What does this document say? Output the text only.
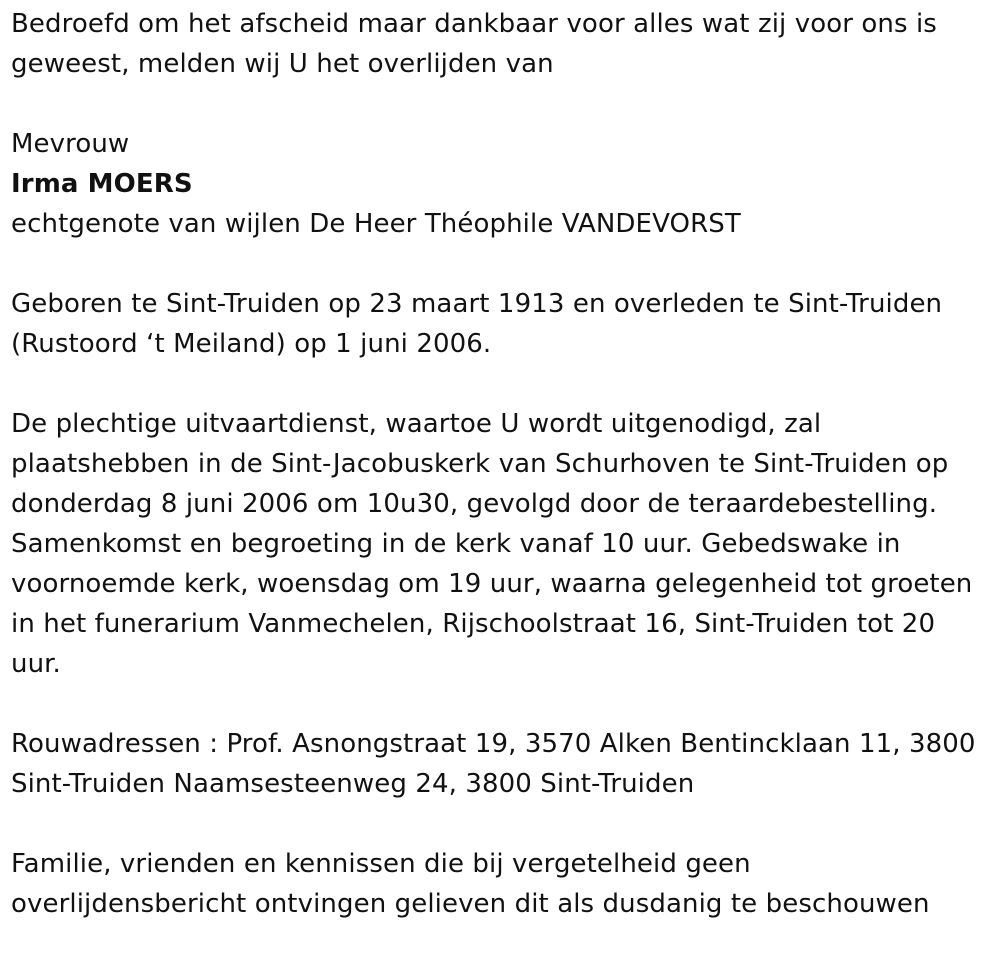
Bedroefd om het afscheid maar dankbaar voor alles wat zij voor ons is
geweest, melden wij U het overlijden van

Mevrouw
Irma MOERS
echtgenote van wijlen De Heer Théophile VANDEVORST

Geboren te Sint-Truiden op 23 maart 1913 en overleden te Sint-Truiden
(Rustoord ‘t Meiland) op 1 juni 2006.

De plechtige uitvaartdienst, waartoe U wordt uitgenodigd, zal
plaatshebben in de Sint-Jacobuskerk van Schurhoven te Sint-Truiden op
donderdag 8 juni 2006 om 10u30, gevolgd door de teraardebestelling.
Samenkomst en begroeting in de kerk vanaf 10 uur. Gebedswake in
voornoemde kerk, woensdag om 19 uur, waarna gelegenheid tot groeten
in het funerarium Vanmechelen, Rijschoolstraat 16, Sint-Truiden tot 20
uur.

Rouwadressen : Prof. Asnongstraat 19, 3570 Alken Bentincklaan 11, 3800
Sint-Truiden Naamsesteenweg 24, 3800 Sint-Truiden

Familie, vrienden en kennissen die bij vergetelheid geen
overlijdensbericht ontvingen gelieven dit als dusdanig te beschouwen
